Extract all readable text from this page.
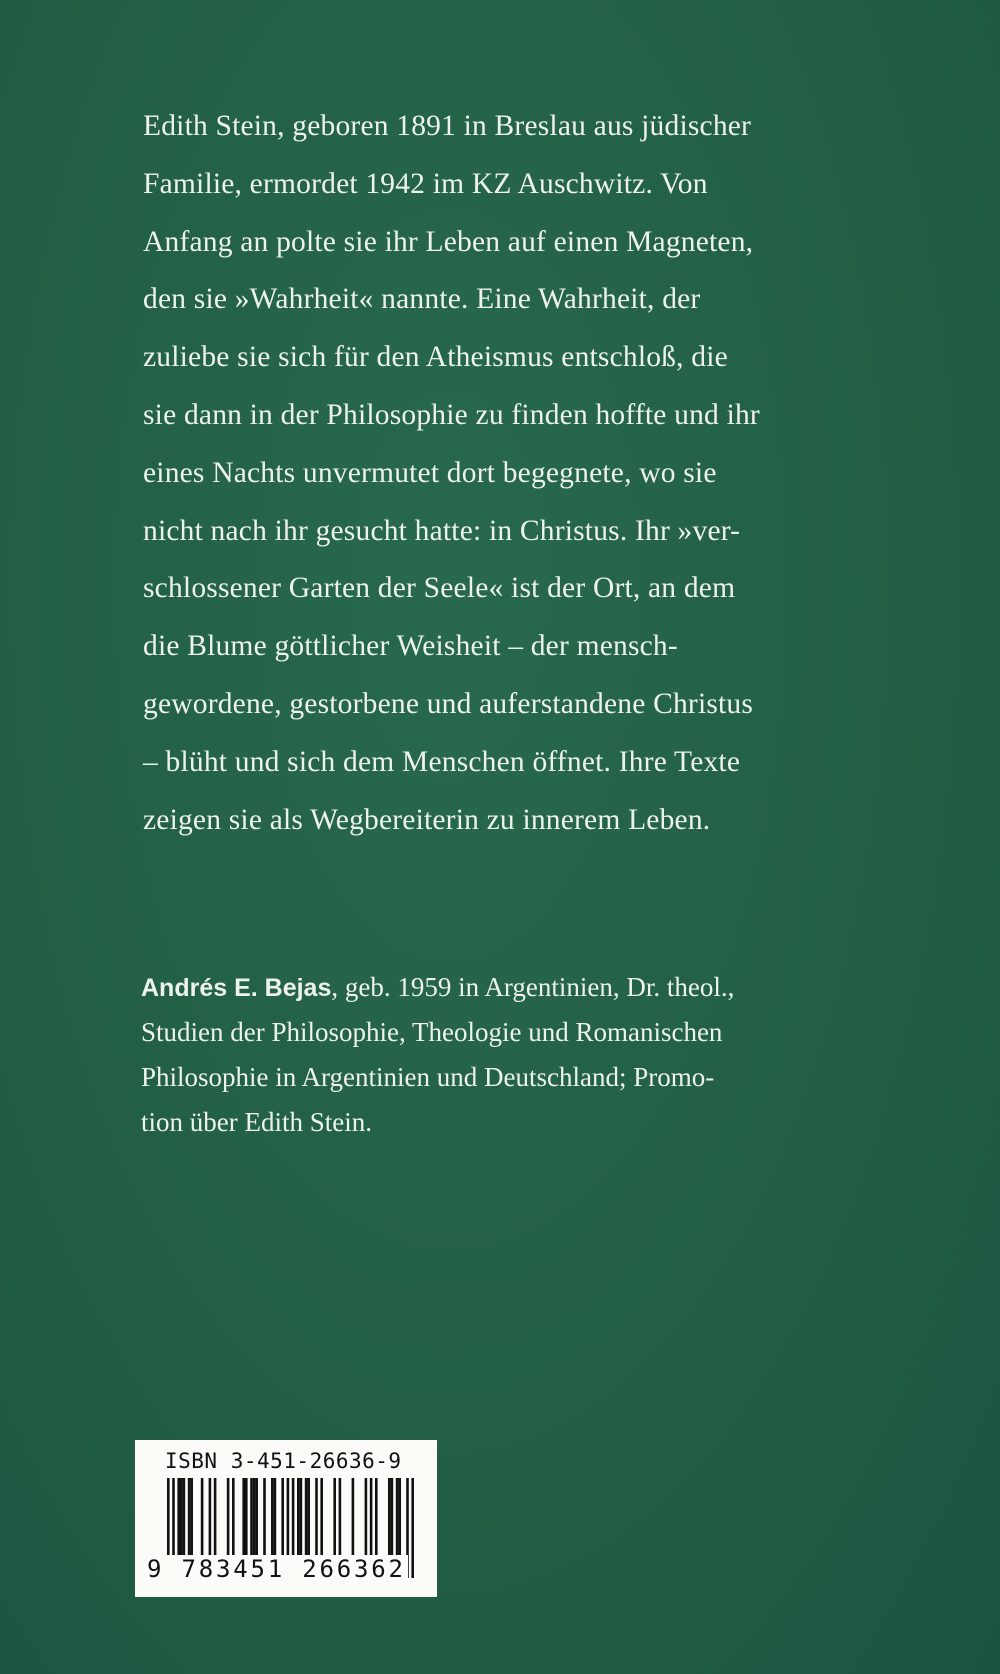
Edith Stein, geboren 1891 in Breslau aus jüdischer
Familie, ermordet 1942 im KZ Auschwitz. Von
Anfang an polte sie ihr Leben auf einen Magneten,
den sie »Wahrheit« nannte. Eine Wahrheit, der
zuliebe sie sich für den Atheismus entschloß, die
sie dann in der Philosophie zu finden hoffte und ihr
eines Nachts unvermutet dort begegnete, wo sie
nicht nach ihr gesucht hatte: in Christus. Ihr »ver-
schlossener Garten der Seele« ist der Ort, an dem
die Blume göttlicher Weisheit – der mensch-
gewordene, gestorbene und auferstandene Christus
– blüht und sich dem Menschen öffnet. Ihre Texte
zeigen sie als Wegbereiterin zu innerem Leben.
Andrés E. Bejas, geb. 1959 in Argentinien, Dr. theol.,
Studien der Philosophie, Theologie und Romanischen
Philosophie in Argentinien und Deutschland; Promo-
tion über Edith Stein.
ISBN 3-451-26636-9
9 783451 266362
